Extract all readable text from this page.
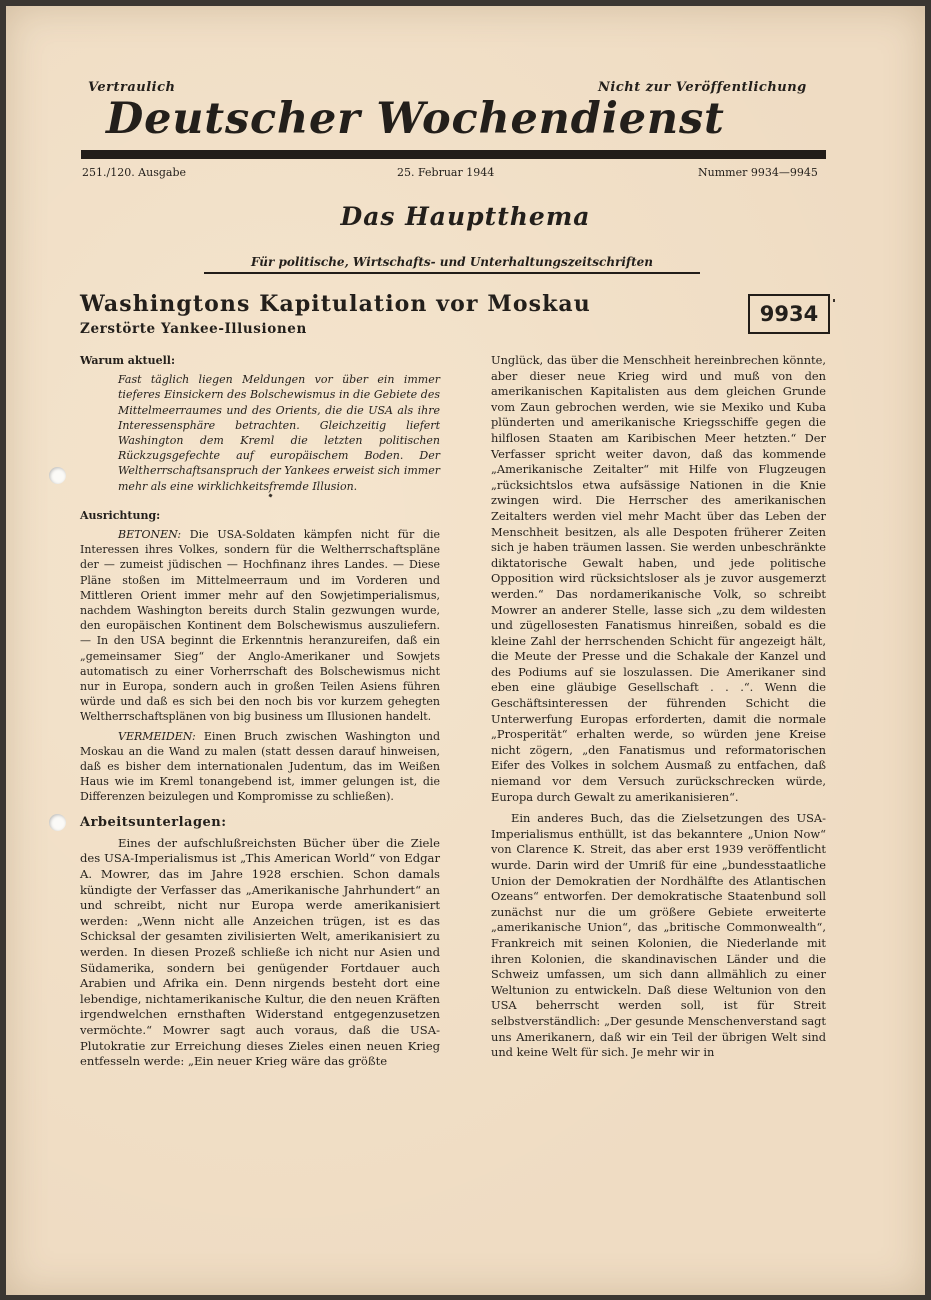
Vertraulich	Nicht zur Veröffentlichung
Deutscher Wochendienst
251./120. Ausgabe	25. Februar 1944	Nummer 9934—9945
Das Hauptthema
Für politische, Wirtschafts- und Unterhaltungszeitschriften
Washingtons Kapitulation vor Moskau
Zerstörte Yankee-Illusionen
9934
Warum aktuell:

Fast täglich liegen Meldungen vor über ein immer tieferes Einsickern des Bolschewismus in die Gebiete des Mittelmeerraumes und des Orients, die die USA als ihre Interessensphäre betrachten. Gleichzeitig liefert Washington dem Kreml die letzten politischen Rückzugsgefechte auf europäischem Boden. Der Weltherrschaftsanspruch der Yankees erweist sich immer mehr als eine wirklichkeitsfremde Illusion.

Ausrichtung:

BETONEN: Die USA-Soldaten kämpfen nicht für die Interessen ihres Volkes, sondern für die Weltherrschaftspläne der — zumeist jüdischen — Hochfinanz ihres Landes. — Diese Pläne stoßen im Mittelmeerraum und im Vorderen und Mittleren Orient immer mehr auf den Sowjetimperialismus, nachdem Washington bereits durch Stalin gezwungen wurde, den europäischen Kontinent dem Bolschewismus auszuliefern. — In den USA beginnt die Erkenntnis heranzureifen, daß ein „gemeinsamer Sieg“ der Anglo-Amerikaner und Sowjets automatisch zu einer Vorherrschaft des Bolschewismus nicht nur in Europa, sondern auch in großen Teilen Asiens führen würde und daß es sich bei den noch bis vor kurzem gehegten Weltherrschaftsplänen von big business um Illusionen handelt.

VERMEIDEN: Einen Bruch zwischen Washington und Moskau an die Wand zu malen (statt dessen darauf hinweisen, daß es bisher dem internationalen Judentum, das im Weißen Haus wie im Kreml tonangebend ist, immer gelungen ist, die Differenzen beizulegen und Kompromisse zu schließen).

Arbeitsunterlagen:

Eines der aufschlußreichsten Bücher über die Ziele des USA-Imperialismus ist „This American World“ von Edgar A. Mowrer, das im Jahre 1928 erschien. Schon damals kündigte der Verfasser das „Amerikanische Jahrhundert“ an und schreibt, nicht nur Europa werde amerikanisiert werden: „Wenn nicht alle Anzeichen trügen, ist es das Schicksal der gesamten zivilisierten Welt, amerikanisiert zu werden. In diesen Prozeß schließe ich nicht nur Asien und Südamerika, sondern bei genügender Fortdauer auch Arabien und Afrika ein. Denn nirgends besteht dort eine lebendige, nichtamerikanische Kultur, die den neuen Kräften irgendwelchen ernsthaften Widerstand entgegenzusetzen vermöchte.“ Mowrer sagt auch voraus, daß die USA-Plutokratie zur Erreichung dieses Zieles einen neuen Krieg entfesseln werde: „Ein neuer Krieg wäre das größte

Unglück, das über die Menschheit hereinbrechen könnte, aber dieser neue Krieg wird und muß von den amerikanischen Kapitalisten aus dem gleichen Grunde vom Zaun gebrochen werden, wie sie Mexiko und Kuba plünderten und amerikanische Kriegsschiffe gegen die hilflosen Staaten am Karibischen Meer hetzten.“ Der Verfasser spricht weiter davon, daß das kommende „Amerikanische Zeitalter“ mit Hilfe von Flugzeugen „rücksichtslos etwa aufsässige Nationen in die Knie zwingen wird. Die Herrscher des amerikanischen Zeitalters werden viel mehr Macht über das Leben der Menschheit besitzen, als alle Despoten früherer Zeiten sich je haben träumen lassen. Sie werden unbeschränkte diktatorische Gewalt haben, und jede politische Opposition wird rücksichtsloser als je zuvor ausgemerzt werden.“ Das nordamerikanische Volk, so schreibt Mowrer an anderer Stelle, lasse sich „zu dem wildesten und zügellosesten Fanatismus hinreißen, sobald es die kleine Zahl der herrschenden Schicht für angezeigt hält, die Meute der Presse und die Schakale der Kanzel und des Podiums auf sie loszulassen. Die Amerikaner sind eben eine gläubige Gesellschaft . . .“. Wenn die Geschäftsinteressen der führenden Schicht die Unterwerfung Europas erforderten, damit die normale „Prosperität“ erhalten werde, so würden jene Kreise nicht zögern, „den Fanatismus und reformatorischen Eifer des Volkes in solchem Ausmaß zu entfachen, daß niemand vor dem Versuch zurückschrecken würde, Europa durch Gewalt zu amerikanisieren“.

Ein anderes Buch, das die Zielsetzungen des USA-Imperialismus enthüllt, ist das bekanntere „Union Now“ von Clarence K. Streit, das aber erst 1939 veröffentlicht wurde. Darin wird der Umriß für eine „bundesstaatliche Union der Demokratien der Nordhälfte des Atlantischen Ozeans“ entworfen. Der demokratische Staatenbund soll zunächst nur die um größere Gebiete erweiterte „amerikanische Union“, das „britische Commonwealth“, Frankreich mit seinen Kolonien, die Niederlande mit ihren Kolonien, die skandinavischen Länder und die Schweiz umfassen, um sich dann allmählich zu einer Weltunion zu entwickeln. Daß diese Weltunion von den USA beherrscht werden soll, ist für Streit selbstverständlich: „Der gesunde Menschenverstand sagt uns Amerikanern, daß wir ein Teil der übrigen Welt sind und keine Welt für sich. Je mehr wir in
